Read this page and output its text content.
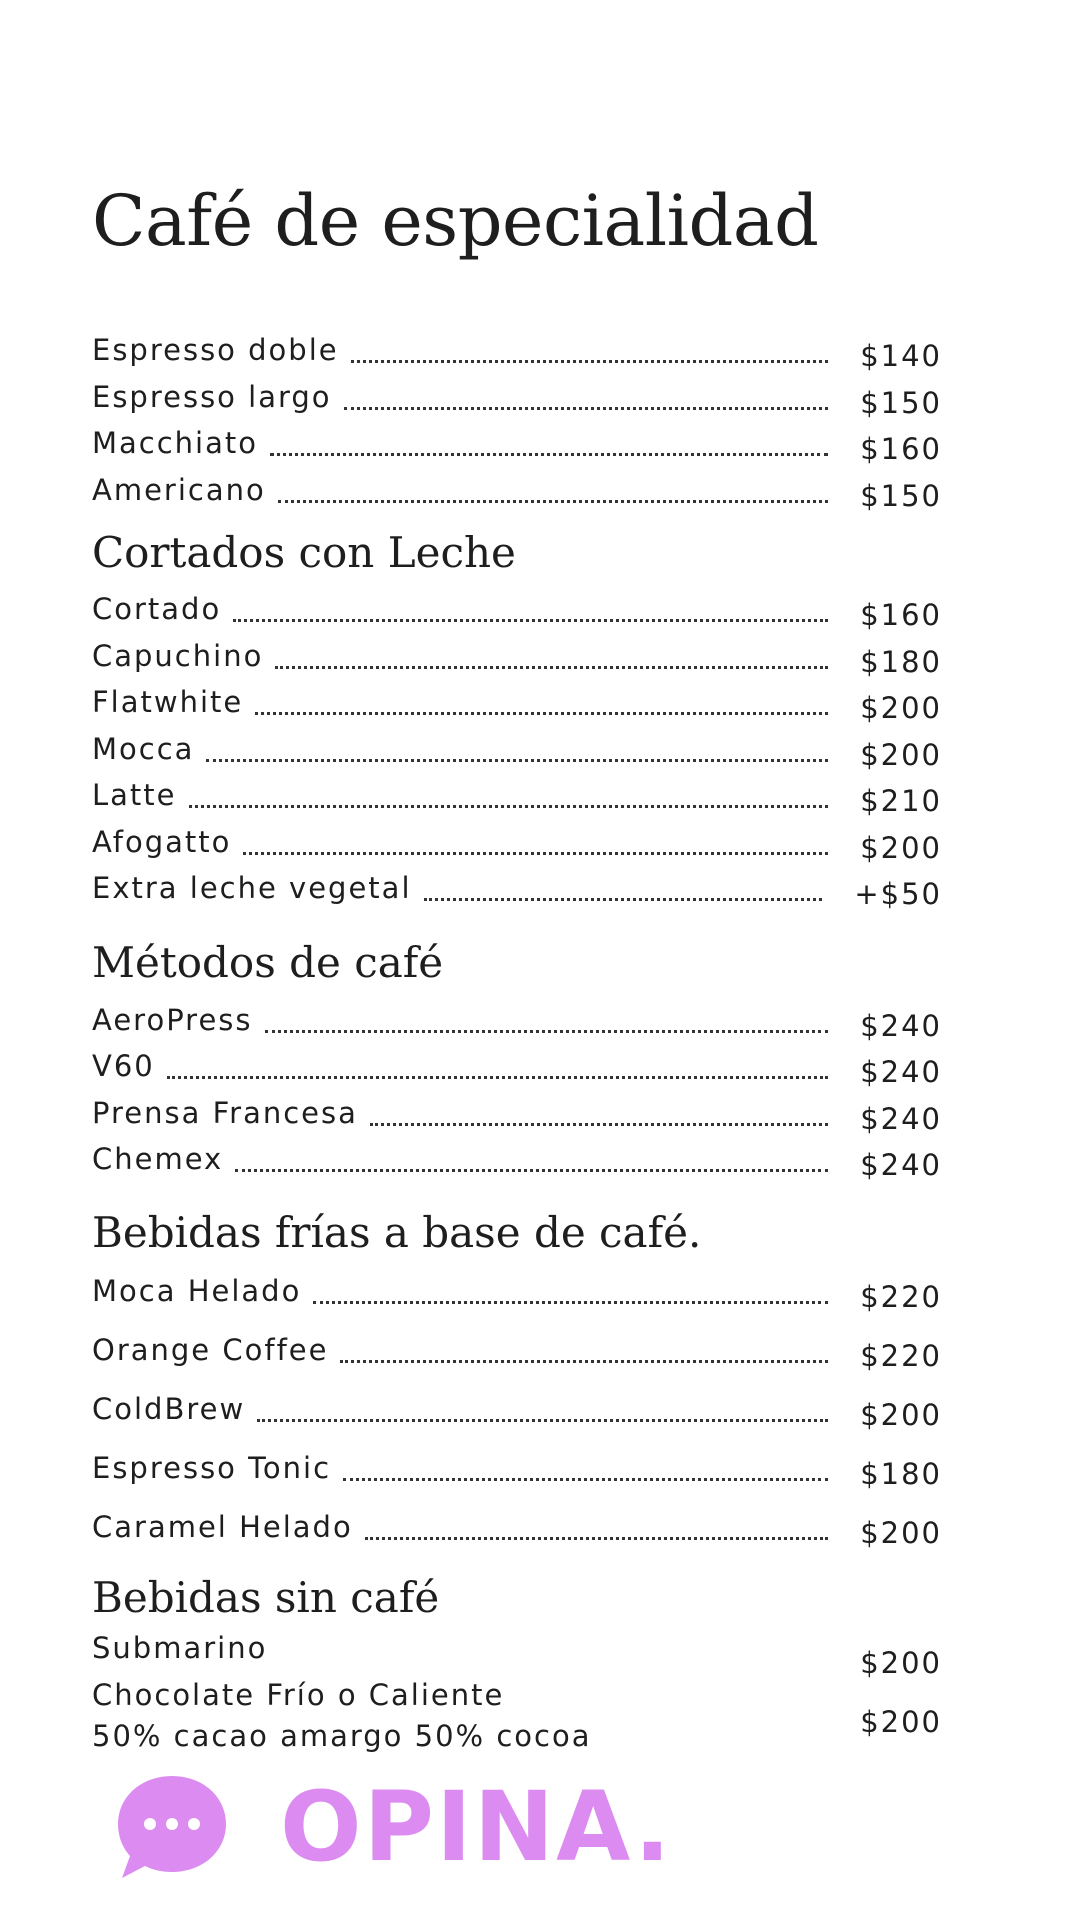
Café de especialidad
Espresso doble	$140
Espresso largo	$150
Macchiato	$160
Americano	$150
Cortados con Leche
Cortado	$160
Capuchino	$180
Flatwhite	$200
Mocca	$200
Latte	$210
Afogatto	$200
Extra leche vegetal	+$50
Métodos de café
AeroPress	$240
V60	$240
Prensa Francesa	$240
Chemex	$240
Bebidas frías a base de café.
Moca Helado	$220
Orange Coffee	$220
ColdBrew	$200
Espresso Tonic	$180
Caramel Helado	$200
Bebidas sin café
Submarino	$200
Chocolate Frío o Caliente
50% cacao amargo 50% cocoa	$200
OPINA.
